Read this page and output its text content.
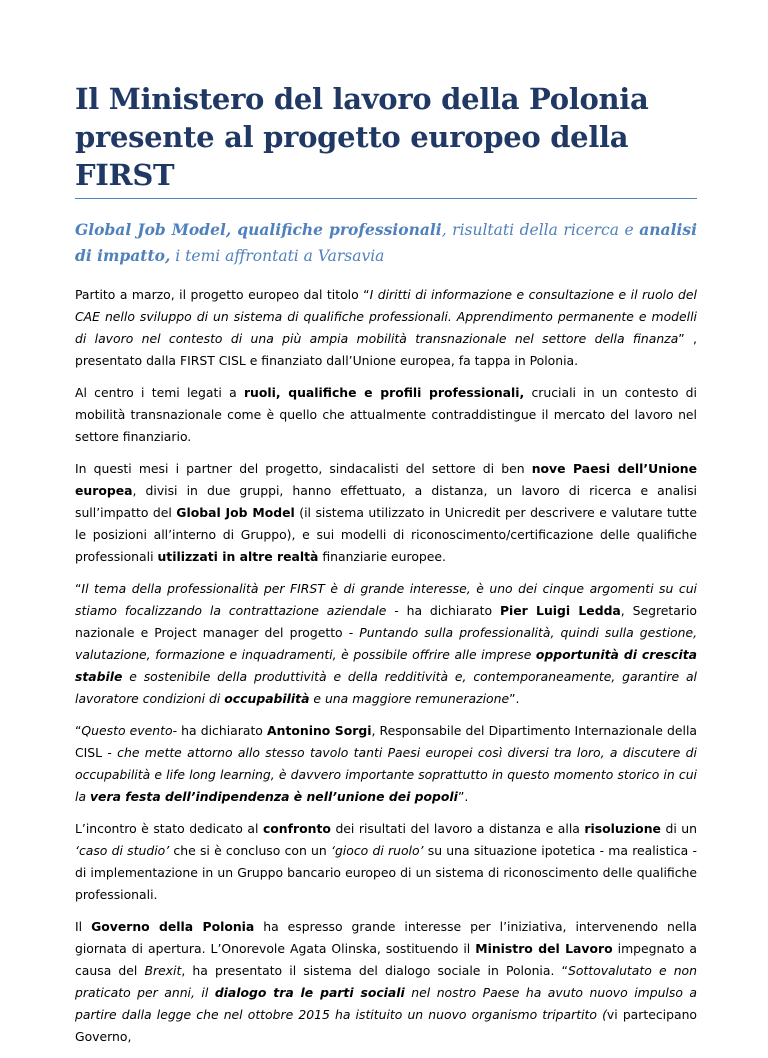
Il Ministero del lavoro della Polonia
presente al progetto europeo della FIRST

Global Job Model, qualifiche professionali, risultati della ricerca e analisi di impatto, i temi affrontati a Varsavia

Partito a marzo, il progetto europeo dal titolo “I diritti di informazione e consultazione e il ruolo del CAE nello sviluppo di un sistema di qualifiche professionali. Apprendimento permanente e modelli di lavoro nel contesto di una più ampia mobilità transnazionale nel settore della finanza” , presentato dalla FIRST CISL e finanziato dall’Unione europea, fa tappa in Polonia.

Al centro i temi legati a ruoli, qualifiche e profili professionali, cruciali in un contesto di mobilità transnazionale come è quello che attualmente contraddistingue il mercato del lavoro nel settore finanziario.

In questi mesi i partner del progetto, sindacalisti del settore di ben nove Paesi dell’Unione europea, divisi in due gruppi, hanno effettuato, a distanza, un lavoro di ricerca e analisi sull’impatto del Global Job Model (il sistema utilizzato in Unicredit per descrivere e valutare tutte le posizioni all’interno di Gruppo), e sui modelli di riconoscimento/certificazione delle qualifiche professionali utilizzati in altre realtà finanziarie europee.

“Il tema della professionalità per FIRST è di grande interesse, è uno dei cinque argomenti su cui stiamo focalizzando la contrattazione aziendale - ha dichiarato Pier Luigi Ledda, Segretario nazionale e Project manager del progetto - Puntando sulla professionalità, quindi sulla gestione, valutazione, formazione e inquadramenti, è possibile offrire alle imprese opportunità di crescita stabile e sostenibile della produttività e della redditività e, contemporaneamente, garantire al lavoratore condizioni di occupabilità e una maggiore remunerazione”.

“Questo evento- ha dichiarato Antonino Sorgi, Responsabile del Dipartimento Internazionale della CISL - che mette attorno allo stesso tavolo tanti Paesi europei così diversi tra loro, a discutere di occupabilità e life long learning, è davvero importante soprattutto in questo momento storico in cui la vera festa dell’indipendenza è nell’unione dei popoli”.

L’incontro è stato dedicato al confronto dei risultati del lavoro a distanza e alla risoluzione di un ‘caso di studio’ che si è concluso con un ‘gioco di ruolo’ su una situazione ipotetica - ma realistica - di implementazione in un Gruppo bancario europeo di un sistema di riconoscimento delle qualifiche professionali.

Il Governo della Polonia ha espresso grande interesse per l’iniziativa, intervenendo nella giornata di apertura. L’Onorevole Agata Olinska, sostituendo il Ministro del Lavoro impegnato a causa del Brexit, ha presentato il sistema del dialogo sociale in Polonia. “Sottovalutato e non praticato per anni, il dialogo tra le parti sociali nel nostro Paese ha avuto nuovo impulso a partire dalla legge che nel ottobre 2015 ha istituito un nuovo organismo tripartito (vi partecipano Governo,
